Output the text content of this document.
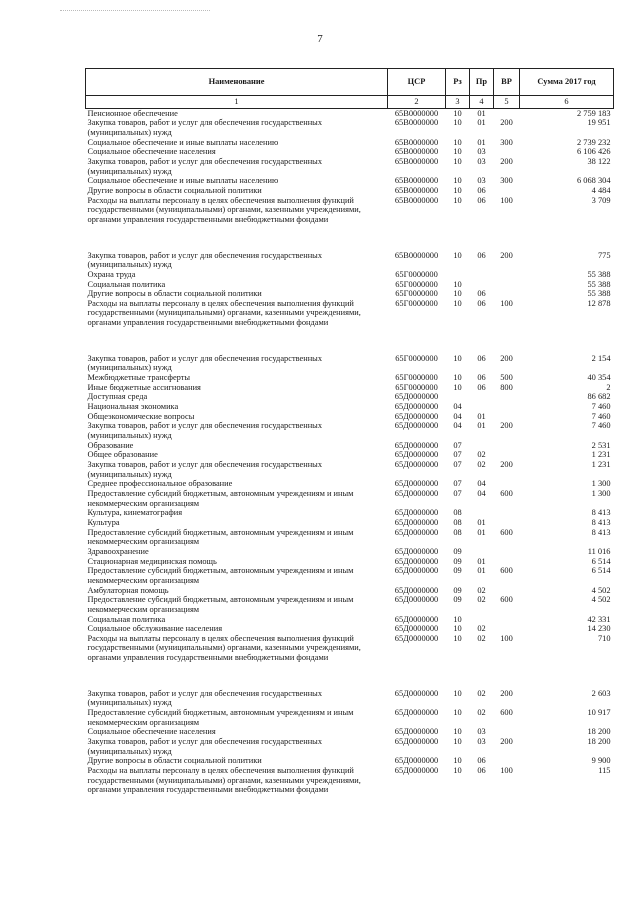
7
Наименование	ЦСР	Рз	Пр	ВР	Сумма 2017 год
1	2	3	4	5	6
Пенсионное обеспечение	65В0000000	10	01		2 759 183
Закупка товаров, работ и услуг для обеспечения государственных (муниципальных) нужд	65В0000000	10	01	200	19 951
Социальное обеспечение и иные выплаты населению	65В0000000	10	01	300	2 739 232
Социальное обеспечение населения	65В0000000	10	03		6 106 426
Закупка товаров, работ и услуг для обеспечения государственных (муниципальных) нужд	65В0000000	10	03	200	38 122
Социальное обеспечение и иные выплаты населению	65В0000000	10	03	300	6 068 304
Другие вопросы в области социальной политики	65В0000000	10	06		4 484
Расходы на выплаты персоналу в целях обеспечения выполнения функций государственными (муниципальными) органами, казенными учреждениями, органами управления государственными внебюджетными фондами	65В0000000	10	06	100	3 709

Закупка товаров, работ и услуг для обеспечения государственных (муниципальных) нужд	65В0000000	10	06	200	775
Охрана труда	65Г0000000				55 388
Социальная политика	65Г0000000	10			55 388
Другие вопросы в области социальной политики	65Г0000000	10	06		55 388
Расходы на выплаты персоналу в целях обеспечения выполнения функций государственными (муниципальными) органами, казенными учреждениями, органами управления государственными внебюджетными фондами	65Г0000000	10	06	100	12 878

Закупка товаров, работ и услуг для обеспечения государственных (муниципальных) нужд	65Г0000000	10	06	200	2 154
Межбюджетные трансферты	65Г0000000	10	06	500	40 354
Иные бюджетные ассигнования	65Г0000000	10	06	800	2
Доступная среда	65Д0000000				86 682
Национальная экономика	65Д0000000	04			7 460
Общеэкономические вопросы	65Д0000000	04	01		7 460
Закупка товаров, работ и услуг для обеспечения государственных (муниципальных) нужд	65Д0000000	04	01	200	7 460
Образование	65Д0000000	07			2 531
Общее образование	65Д0000000	07	02		1 231
Закупка товаров, работ и услуг для обеспечения государственных (муниципальных) нужд	65Д0000000	07	02	200	1 231
Среднее профессиональное образование	65Д0000000	07	04		1 300
Предоставление субсидий бюджетным, автономным учреждениям и иным некоммерческим организациям	65Д0000000	07	04	600	1 300
Культура, кинематография	65Д0000000	08			8 413
Культура	65Д0000000	08	01		8 413
Предоставление субсидий бюджетным, автономным учреждениям и иным некоммерческим организациям	65Д0000000	08	01	600	8 413
Здравоохранение	65Д0000000	09			11 016
Стационарная медицинская помощь	65Д0000000	09	01		6 514
Предоставление субсидий бюджетным, автономным учреждениям и иным некоммерческим организациям	65Д0000000	09	01	600	6 514
Амбулаторная помощь	65Д0000000	09	02		4 502
Предоставление субсидий бюджетным, автономным учреждениям и иным некоммерческим организациям	65Д0000000	09	02	600	4 502
Социальная политика	65Д0000000	10			42 331
Социальное обслуживание населения	65Д0000000	10	02		14 230
Расходы на выплаты персоналу в целях обеспечения выполнения функций государственными (муниципальными) органами, казенными учреждениями, органами управления государственными внебюджетными фондами	65Д0000000	10	02	100	710

Закупка товаров, работ и услуг для обеспечения государственных (муниципальных) нужд	65Д0000000	10	02	200	2 603
Предоставление субсидий бюджетным, автономным учреждениям и иным некоммерческим организациям	65Д0000000	10	02	600	10 917
Социальное обеспечение населения	65Д0000000	10	03		18 200
Закупка товаров, работ и услуг для обеспечения государственных (муниципальных) нужд	65Д0000000	10	03	200	18 200
Другие вопросы в области социальной политики	65Д0000000	10	06		9 900
Расходы на выплаты персоналу в целях обеспечения выполнения функций государственными (муниципальными) органами, казенными учреждениями, органами управления государственными внебюджетными фондами	65Д0000000	10	06	100	115
